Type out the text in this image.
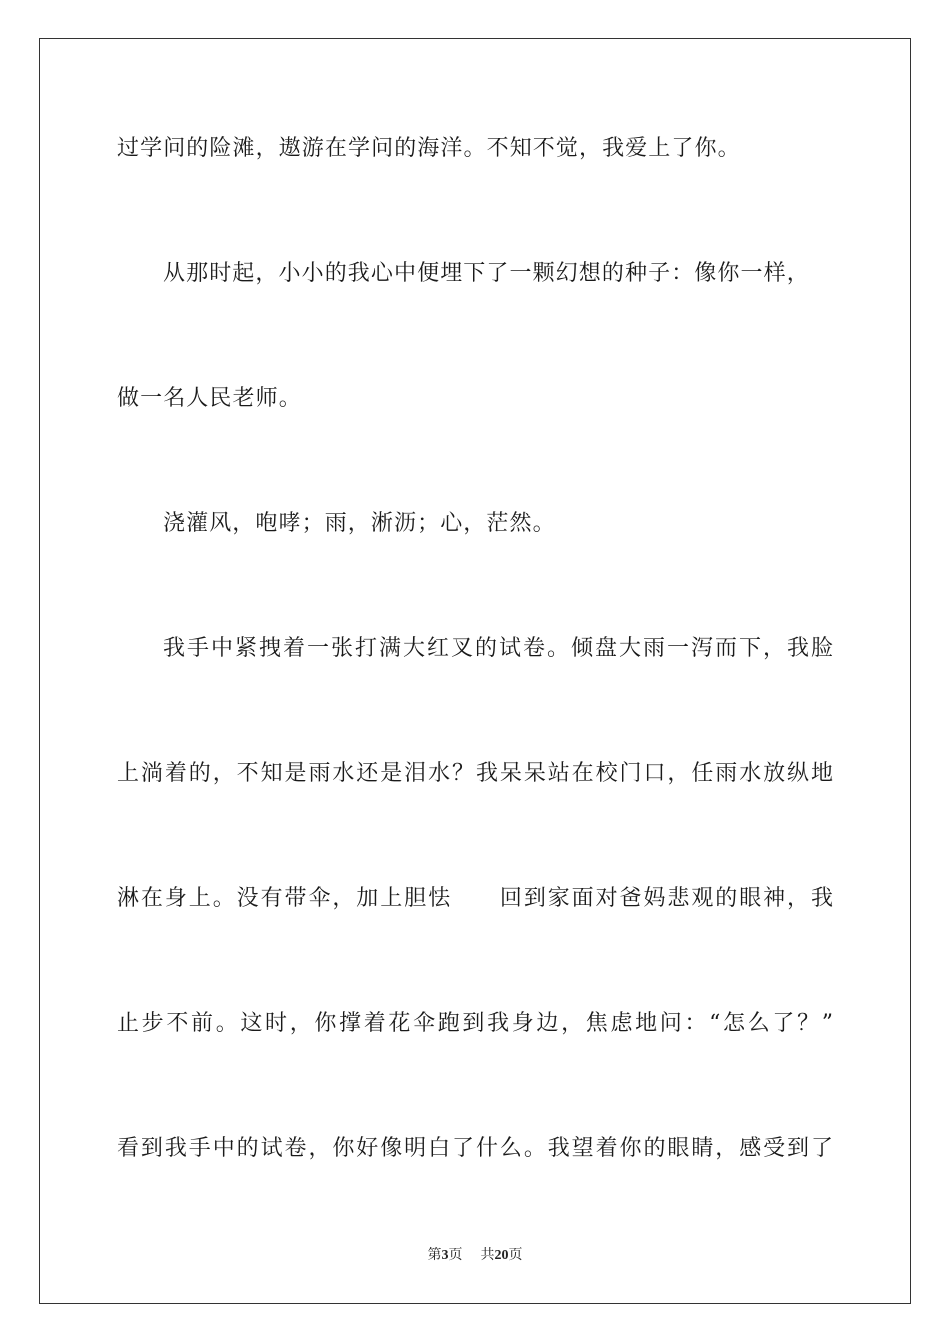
过学问的险滩，遨游在学问的海洋。不知不觉，我爱上了你。
从那时起，小小的我心中便埋下了一颗幻想的种子：像你一样，
做一名人民老师。
浇灌风，咆哮；雨，淅沥；心，茫然。
我手中紧拽着一张打满大红叉的试卷。倾盘大雨一泻而下，我脸
上淌着的，不知是雨水还是泪水？我呆呆站在校门口，任雨水放纵地
淋在身上。没有带伞，加上胆怯　　回到家面对爸妈悲观的眼神，我
止步不前。这时，你撑着花伞跑到我身边，焦虑地问：“怎么了？”
看到我手中的试卷，你好像明白了什么。我望着你的眼睛，感受到了
第3页 共20页
